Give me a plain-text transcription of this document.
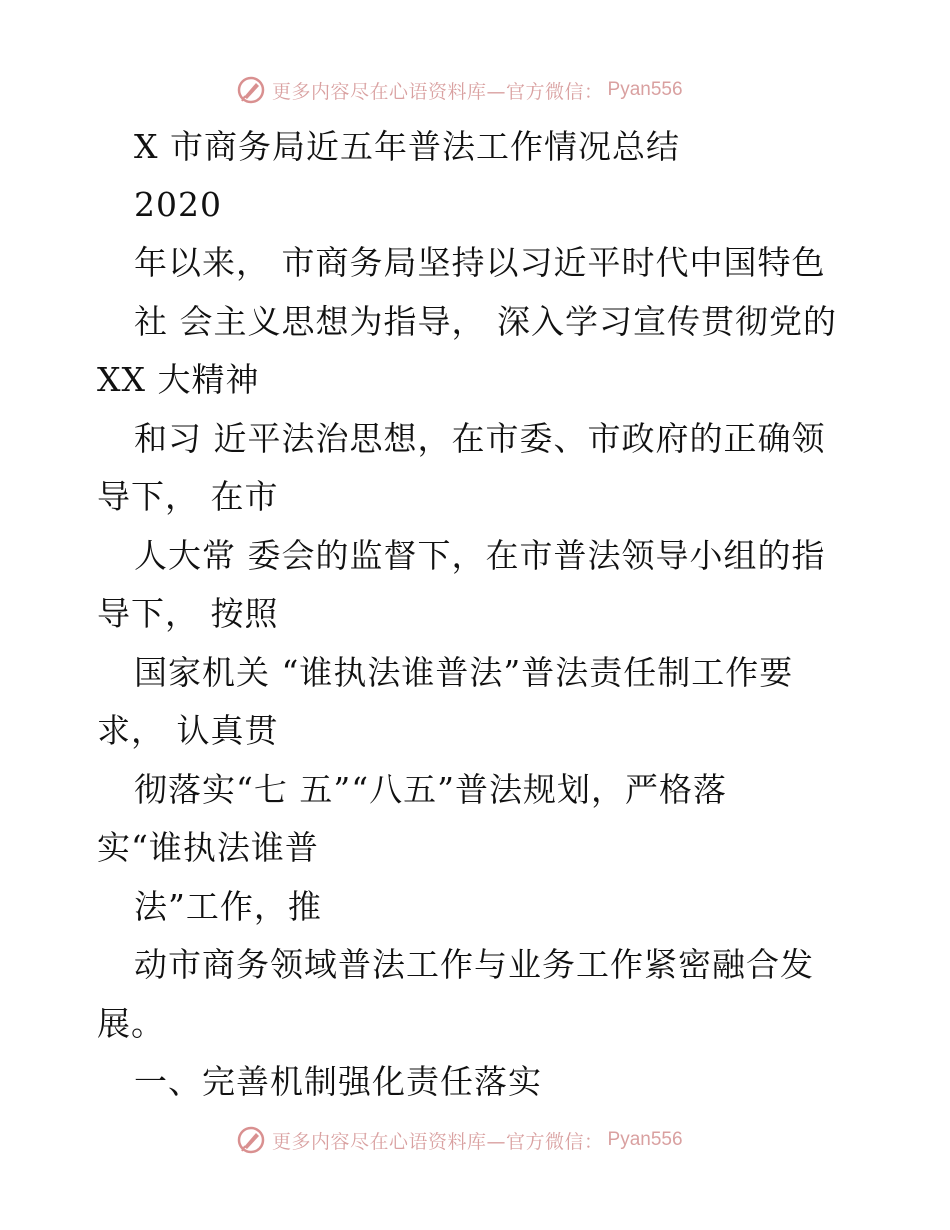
更多内容尽在心语资料库—官方微信： Pyan556
X 市商务局近五年普法工作情况总结
2020
年以来， 市商务局坚持以习近平时代中国特色
社 会主义思想为指导， 深入学习宣传贯彻党的
XX 大精神
和习 近平法治思想，在市委、市政府的正确领
导下， 在市
人大常 委会的监督下，在市普法领导小组的指
导下， 按照
国家机关 “谁执法谁普法”普法责任制工作要
求， 认真贯
彻落实“七 五”“八五”普法规划，严格落
实“谁执法谁普
法”工作，推
动市商务领域普法工作与业务工作紧密融合发
展。
一、完善机制强化责任落实
更多内容尽在心语资料库—官方微信： Pyan556
